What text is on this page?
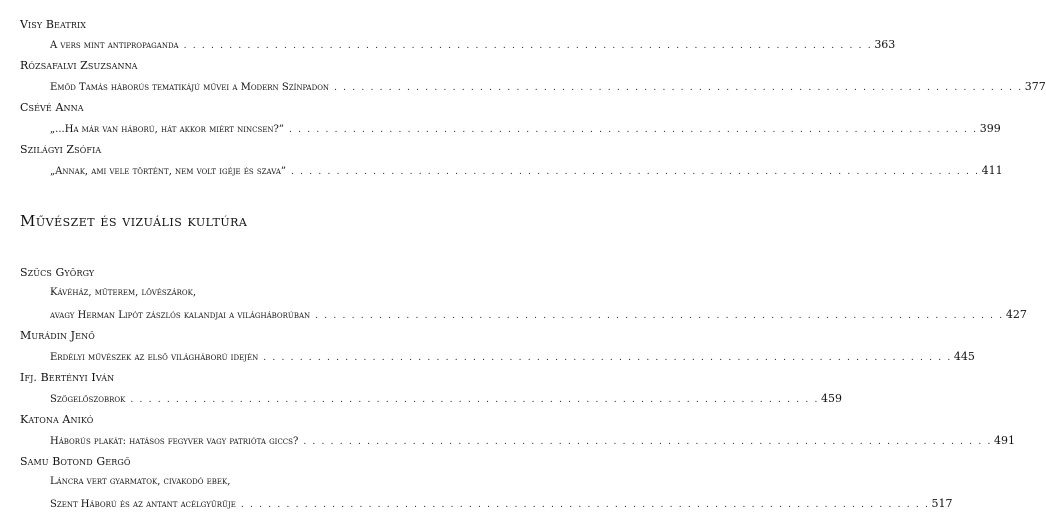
Visy Beatrix
A vers mint antipropaganda . . . . . . . . . . . . . . . . . . . . . . . . . . . . . . . . . . . . . . . . . . . . . . . . . . . . . . . . . . . . . . . . . . . . . . . . . . . . 363
Rózsafalvi Zsuzsanna
Emőd Tamás háborús tematikájú művei a Modern Színpadon . . . . . . . . . . . . . . . . . . . . . . . . . . . . . . . . . . . . . . . . . . . . . . . . . . . . . . . . . . . . . . . . . . . . . . . . . . . . 377
Csévé Anna
„...Ha már van háború, hát akkor miért nincsen?” . . . . . . . . . . . . . . . . . . . . . . . . . . . . . . . . . . . . . . . . . . . . . . . . . . . . . . . . . . . . . . . . . . . . . . . . . . . . 399
Szilágyi Zsófia
„Annak, ami vele történt, nem volt igéje és szava” . . . . . . . . . . . . . . . . . . . . . . . . . . . . . . . . . . . . . . . . . . . . . . . . . . . . . . . . . . . . . . . . . . . . . . . . . . . . 411
Művészet és vizuális kultúra
Szücs György
Kávéház, műterem, lövészárok,
avagy Herman Lipót zászlós kalandjai a világháborúban . . . . . . . . . . . . . . . . . . . . . . . . . . . . . . . . . . . . . . . . . . . . . . . . . . . . . . . . . . . . . . . . . . . . . . . . . . . . 427
Murádin Jenő
Erdélyi művészek az első világháború idején . . . . . . . . . . . . . . . . . . . . . . . . . . . . . . . . . . . . . . . . . . . . . . . . . . . . . . . . . . . . . . . . . . . . . . . . . . . . 445
Ifj. Bertényi Iván
Szögelőszobrok . . . . . . . . . . . . . . . . . . . . . . . . . . . . . . . . . . . . . . . . . . . . . . . . . . . . . . . . . . . . . . . . . . . . . . . . . . . . 459
Katona Anikó
Háborús plakát: hatásos fegyver vagy patrióta giccs? . . . . . . . . . . . . . . . . . . . . . . . . . . . . . . . . . . . . . . . . . . . . . . . . . . . . . . . . . . . . . . . . . . . . . . . . . . . . 491
Samu Botond Gergő
Láncra vert gyarmatok, civakodó ebek,
Szent Háború és az antant acélgyűrűje . . . . . . . . . . . . . . . . . . . . . . . . . . . . . . . . . . . . . . . . . . . . . . . . . . . . . . . . . . . . . . . . . . . . . . . . . . . . 517
